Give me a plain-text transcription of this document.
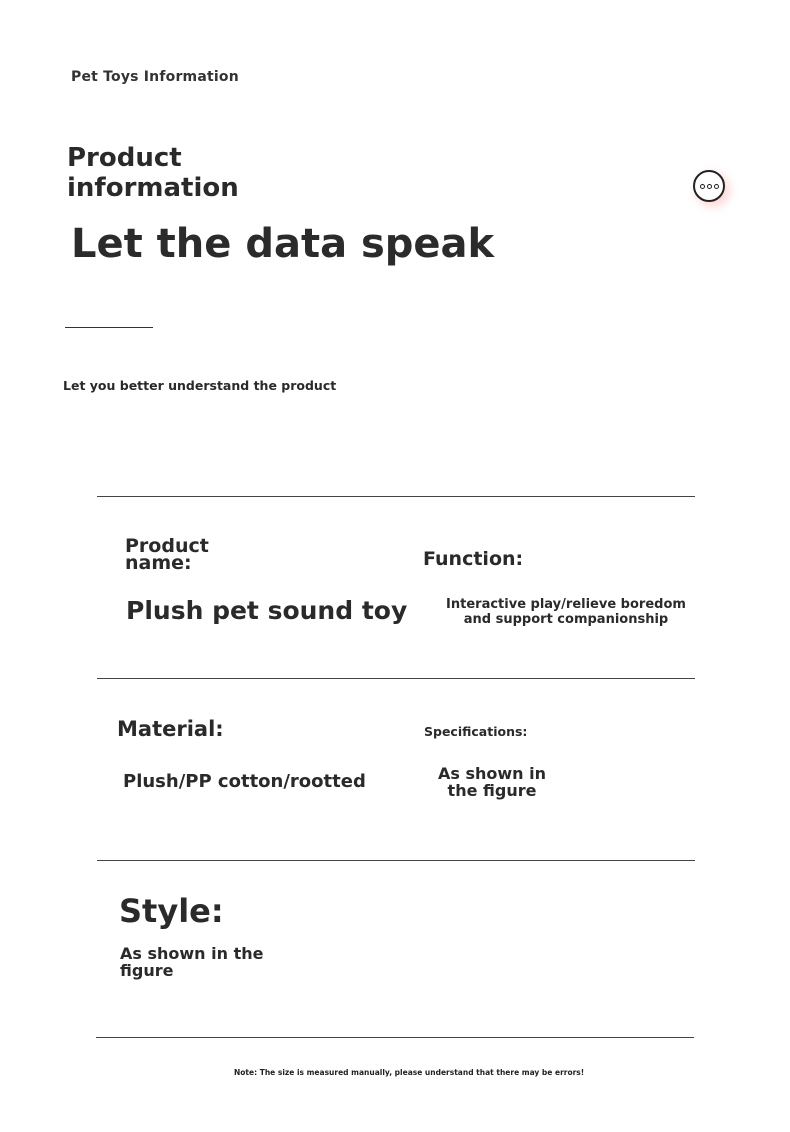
Pet Toys Information
Product information
Let the data speak
Let you better understand the product
Product name:
Plush pet sound toy
Function:
Interactive play/relieve boredom and support companionship
Material:
Plush/PP cotton/rootted
Specifications:
As shown in the figure
Style:
As shown in the figure
Note: The size is measured manually, please understand that there may be errors!
